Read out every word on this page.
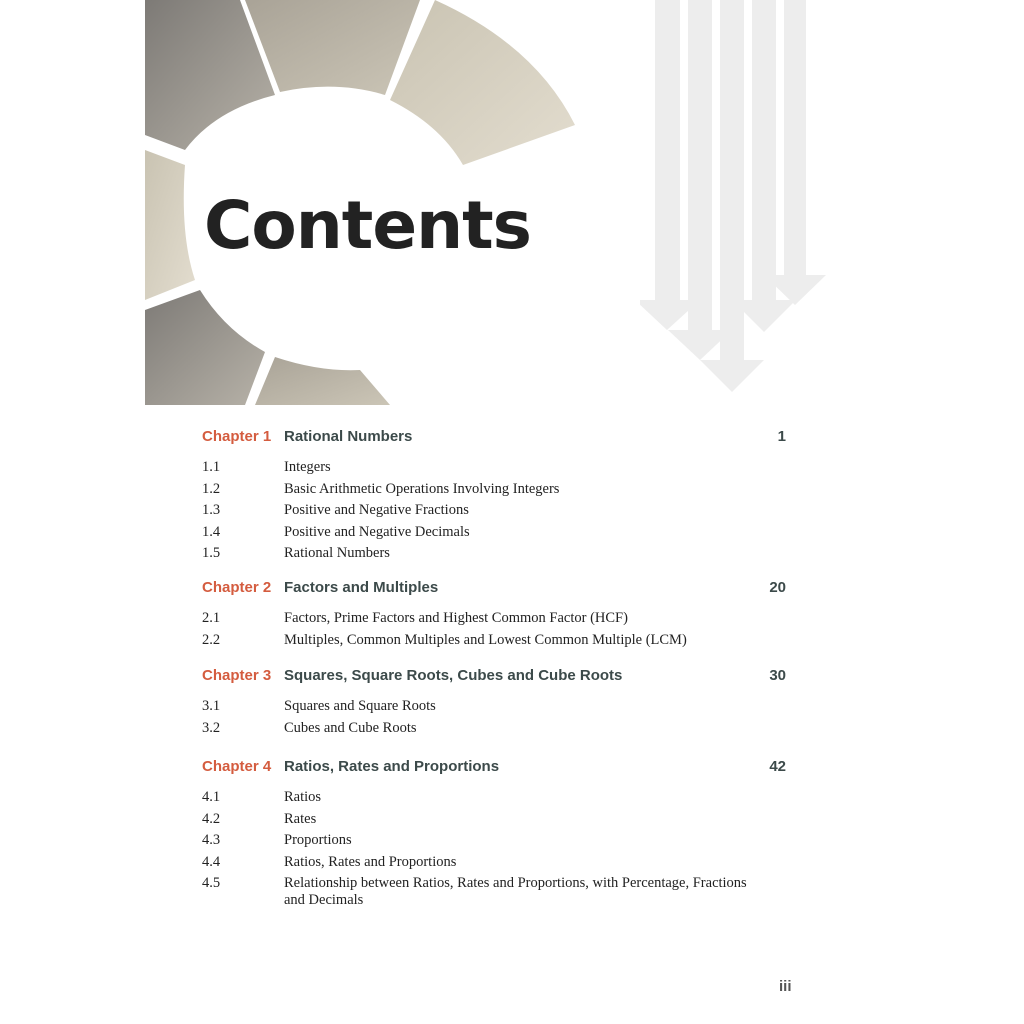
Contents
Chapter 1 Rational Numbers	1
1.1	Integers
1.2	Basic Arithmetic Operations Involving Integers
1.3	Positive and Negative Fractions
1.4	Positive and Negative Decimals
1.5	Rational Numbers
Chapter 2 Factors and Multiples	20
2.1	Factors, Prime Factors and Highest Common Factor (HCF)
2.2	Multiples, Common Multiples and Lowest Common Multiple (LCM)
Chapter 3 Squares, Square Roots, Cubes and Cube Roots	30
3.1	Squares and Square Roots
3.2	Cubes and Cube Roots
Chapter 4 Ratios, Rates and Proportions	42
4.1	Ratios
4.2	Rates
4.3	Proportions
4.4	Ratios, Rates and Proportions
4.5	Relationship between Ratios, Rates and Proportions, with Percentage, Fractions and Decimals
iii
